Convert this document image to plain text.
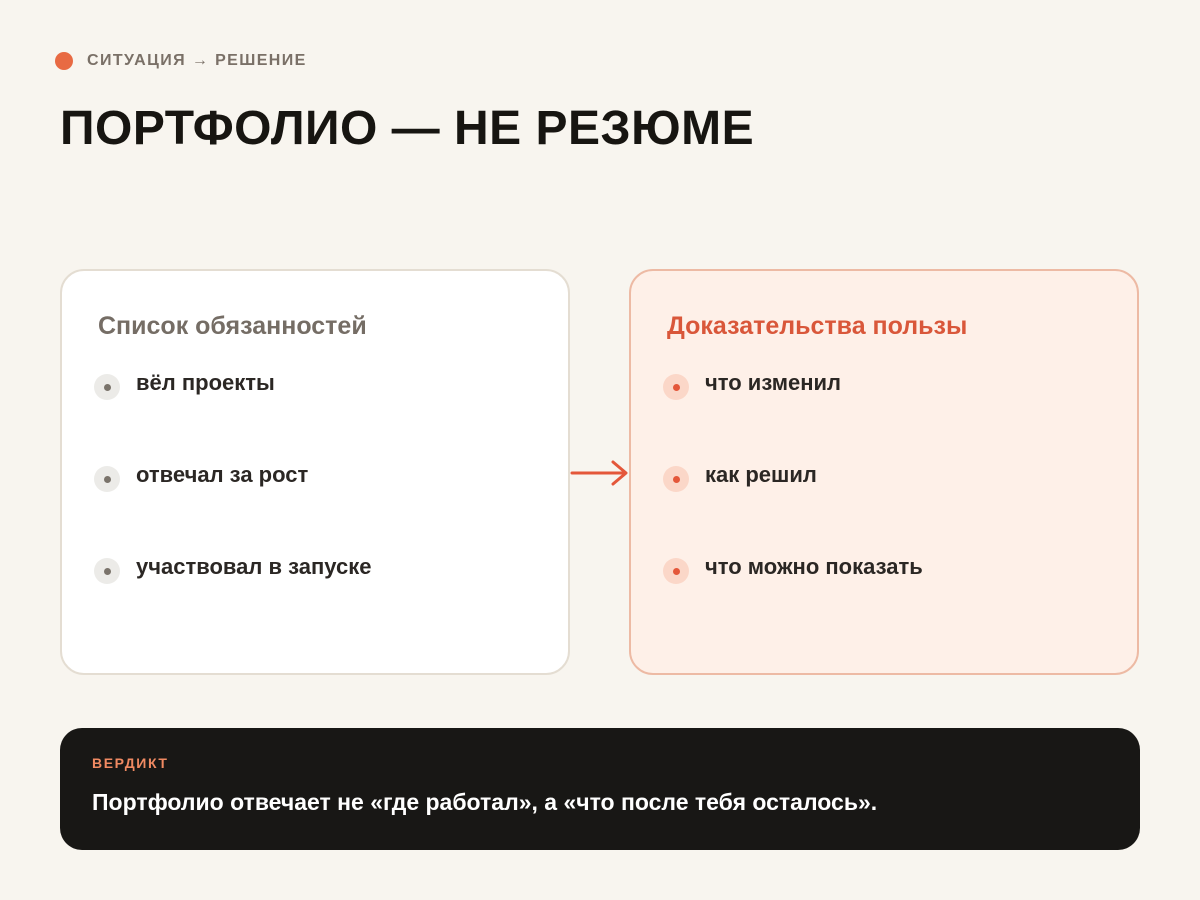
СИТУАЦИЯ → РЕШЕНИЕ
ПОРТФОЛИО — НЕ РЕЗЮМЕ
Список обязанностей
вёл проекты
отвечал за рост
участвовал в запуске
Доказательства пользы
что изменил
как решил
что можно показать
ВЕРДИКТ
Портфолио отвечает не «где работал», а «что после тебя осталось».
